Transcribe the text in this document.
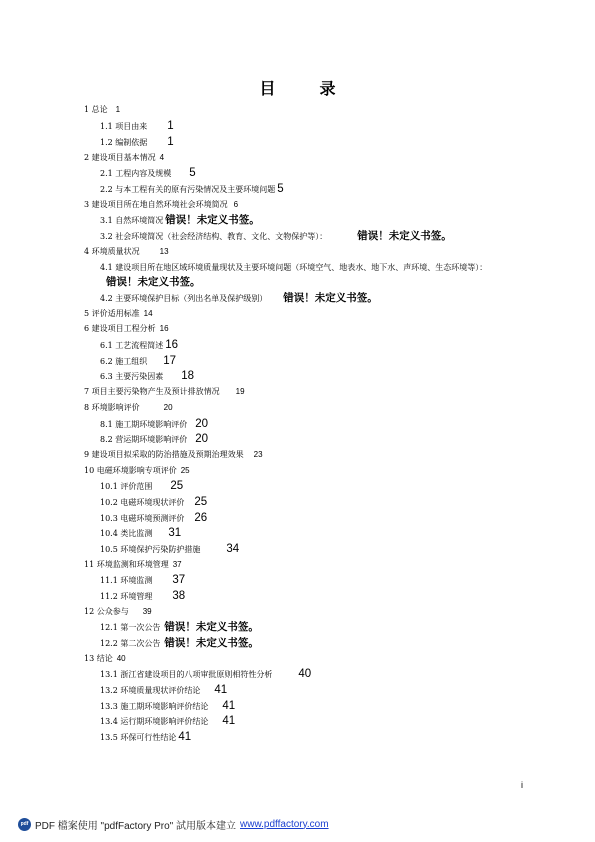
目　录
1 总论 1
1.1 项目由来 1
1.2 编制依据 1
2 建设项目基本情况 4
2.1 工程内容及规模 5
2.2 与本工程有关的原有污染情况及主要环境问题 5
3 建设项目所在地自然环境社会环境简况 6
3.1 自然环境简况 错误！未定义书签。
3.2 社会环境简况（社会经济结构、教育、文化、文物保护等）：	错误！未定义书签。
4 环境质量状况	13
4.1 建设项目所在地区域环境质量现状及主要环境问题（环境空气、地表水、地下水、声环境、生态环境等）：
错误！未定义书签。
4.2 主要环境保护目标（列出名单及保护级别） 错误！未定义书签。
5 评价适用标准 14
6 建设项目工程分析 16
6.1 工艺流程简述 16
6.2 施工组织 17
6.3 主要污染因素 18
7 项目主要污染物产生及预计排放情况 19
8 环境影响评价	20
8.1 施工期环境影响评价 20
8.2 营运期环境影响评价 20
9 建设项目拟采取的防治措施及预期治理效果 23
10 电磁环境影响专项评价 25
10.1 评价范围 25
10.2 电磁环境现状评价 25
10.3 电磁环境预测评价 26
10.4 类比监测 31
10.5 环境保护污染防护措施 34
11 环境监测和环境管理 37
11.1 环境监测 37
11.2 环境管理 38
12 公众参与 39
12.1 第一次公告 错误！未定义书签。
12.2 第二次公告 错误！未定义书签。
13 结论 40
13.1 浙江省建设项目的八项审批原则相符性分析 40
13.2 环境质量现状评价结论 41
13.3 施工期环境影响评价结论 41
13.4 运行期环境影响评价结论 41
13.5 环保可行性结论 41
i
pdf PDF 檔案使用 "pdfFactory Pro" 試用版本建立 www.pdffactory.com
